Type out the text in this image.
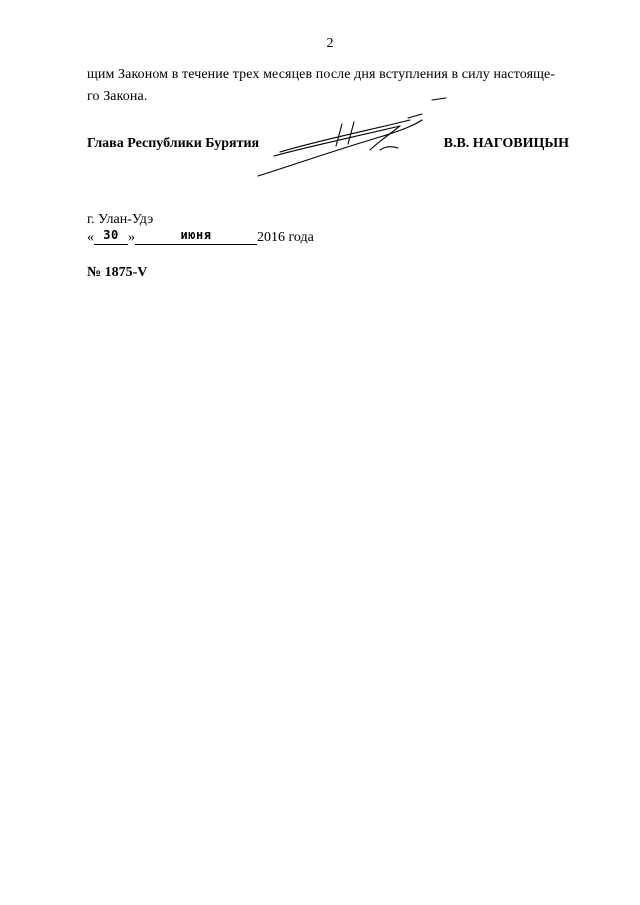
2
щим Законом в течение трех месяцев после дня вступления в силу настояще-
го Закона.
Глава Республики Бурятия	В.В. НАГОВИЦЫН
г. Улан-Удэ
« 30 »	июня	2016 года
№ 1875-V
